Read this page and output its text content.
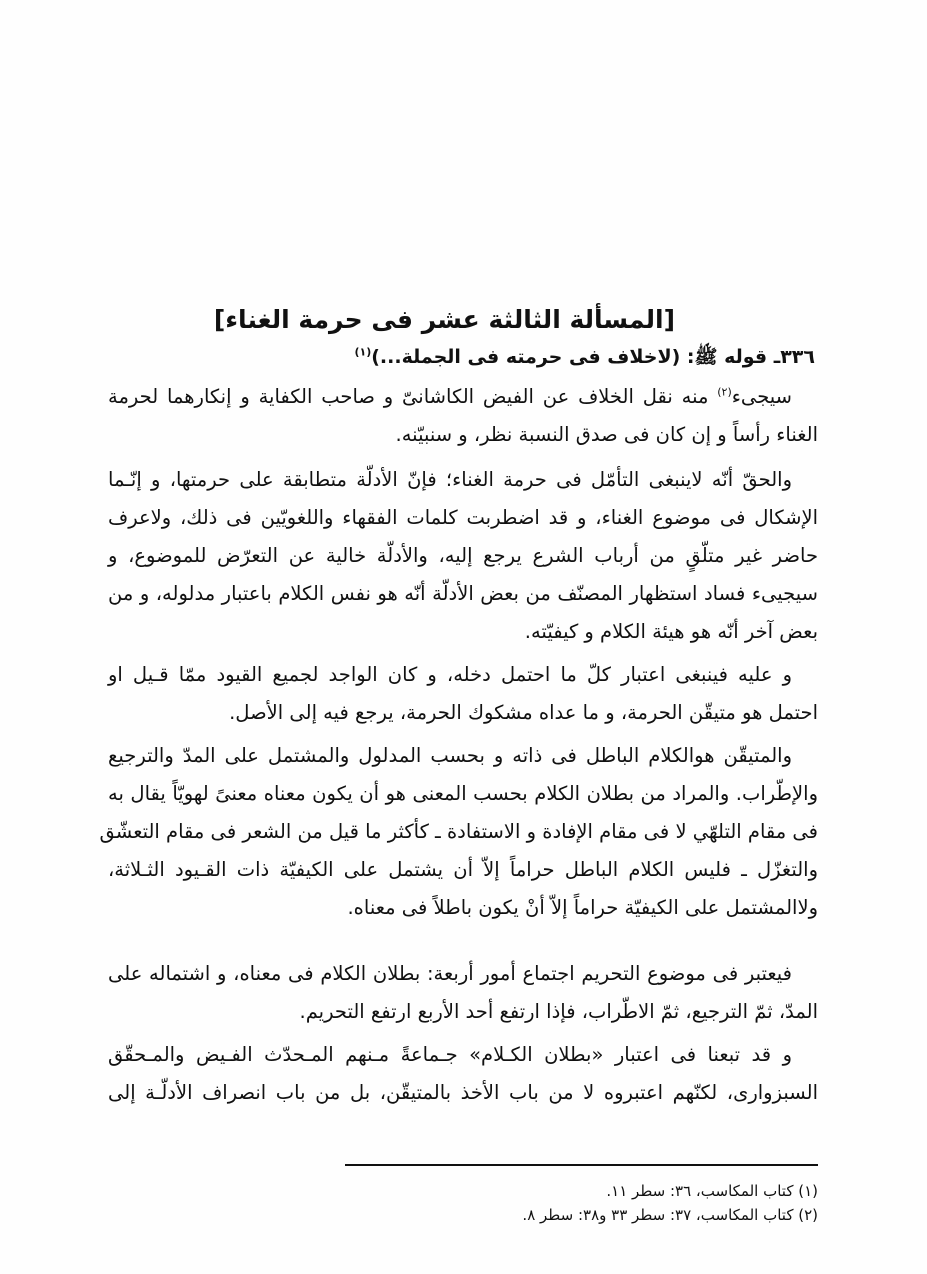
[المسألة الثالثة عشر فى حرمة الغناء]
٣٣٦ـ قوله ﷺ: (لاخلاف فى حرمته فى الجملة...)$^{(١)}$
سيجىء$^{(٢)}$ منه نقل الخلاف عن الفيض الكاشانىّ و صاحب الكفاية و إنكارهما لحرمة
الغناء رأساً و إن كان فى صدق النسبة نظر، و سنبيّنه.
والحقّ أنّه لاينبغى التأمّل فى حرمة الغناء؛ فإنّ الأدلّة متطابقة على حرمتها، و إنّـما
الإشكال فى موضوع الغناء، و قد اضطربت كلمات الفقهاء واللغويّين فى ذلك، ولاعرف
حاضر غير متلّقٍ من أرباب الشرع يرجع إليه، والأدلّة خالية عن التعرّض للموضوع، و
سيجيىء فساد استظهار المصنّف من بعض الأدلّة أنّه هو نفس الكلام باعتبار مدلوله، و من
بعض آخر أنّه هو هيئة الكلام و كيفيّته.
و عليه فينبغى اعتبار كلّ ما احتمل دخله، و كان الواجد لجميع القيود ممّا قـيل او
احتمل هو متيقّن الحرمة، و ما عداه مشكوك الحرمة، يرجع فيه إلى الأصل.
والمتيقّن هوالكلام الباطل فى ذاته و بحسب المدلول والمشتمل على المدّ والترجيع
والإطّراب. والمراد من بطلان الكلام بحسب المعنى هو أن يكون معناه معنىً لهويّاً يقال به
فى مقام التلهّي لا فى مقام الإفادة و الاستفادة ـ كأكثر ما قيل من الشعر فى مقام التعشّق
والتغزّل ـ فليس الكلام الباطل حراماً إلاّ أن يشتمل على الكيفيّة ذات القـيود الثـلاثة،
ولاالمشتمل على الكيفيّة حراماً إلاّ أنْ يكون باطلاً فى معناه.
فيعتبر فى موضوع التحريم اجتماع أمور أربعة: بطلان الكلام فى معناه، و اشتماله على
المدّ، ثمّ الترجيع، ثمّ الاطّراب، فإذا ارتفع أحد الأربع ارتفع التحريم.
و قد تبعنا فى اعتبار «بطلان الكـلام» جـماعةً مـنهم المـحدّث الفـيض والمـحقّق
السبزوارى، لكنّهم اعتبروه لا من باب الأخذ بالمتيقّن، بل من باب انصراف الأدلّـة إلى
(١) كتاب المكاسب، ٣٦: سطر ١١.
(٢) كتاب المكاسب، ٣٧: سطر ٣٣ و٣٨: سطر ٨.
